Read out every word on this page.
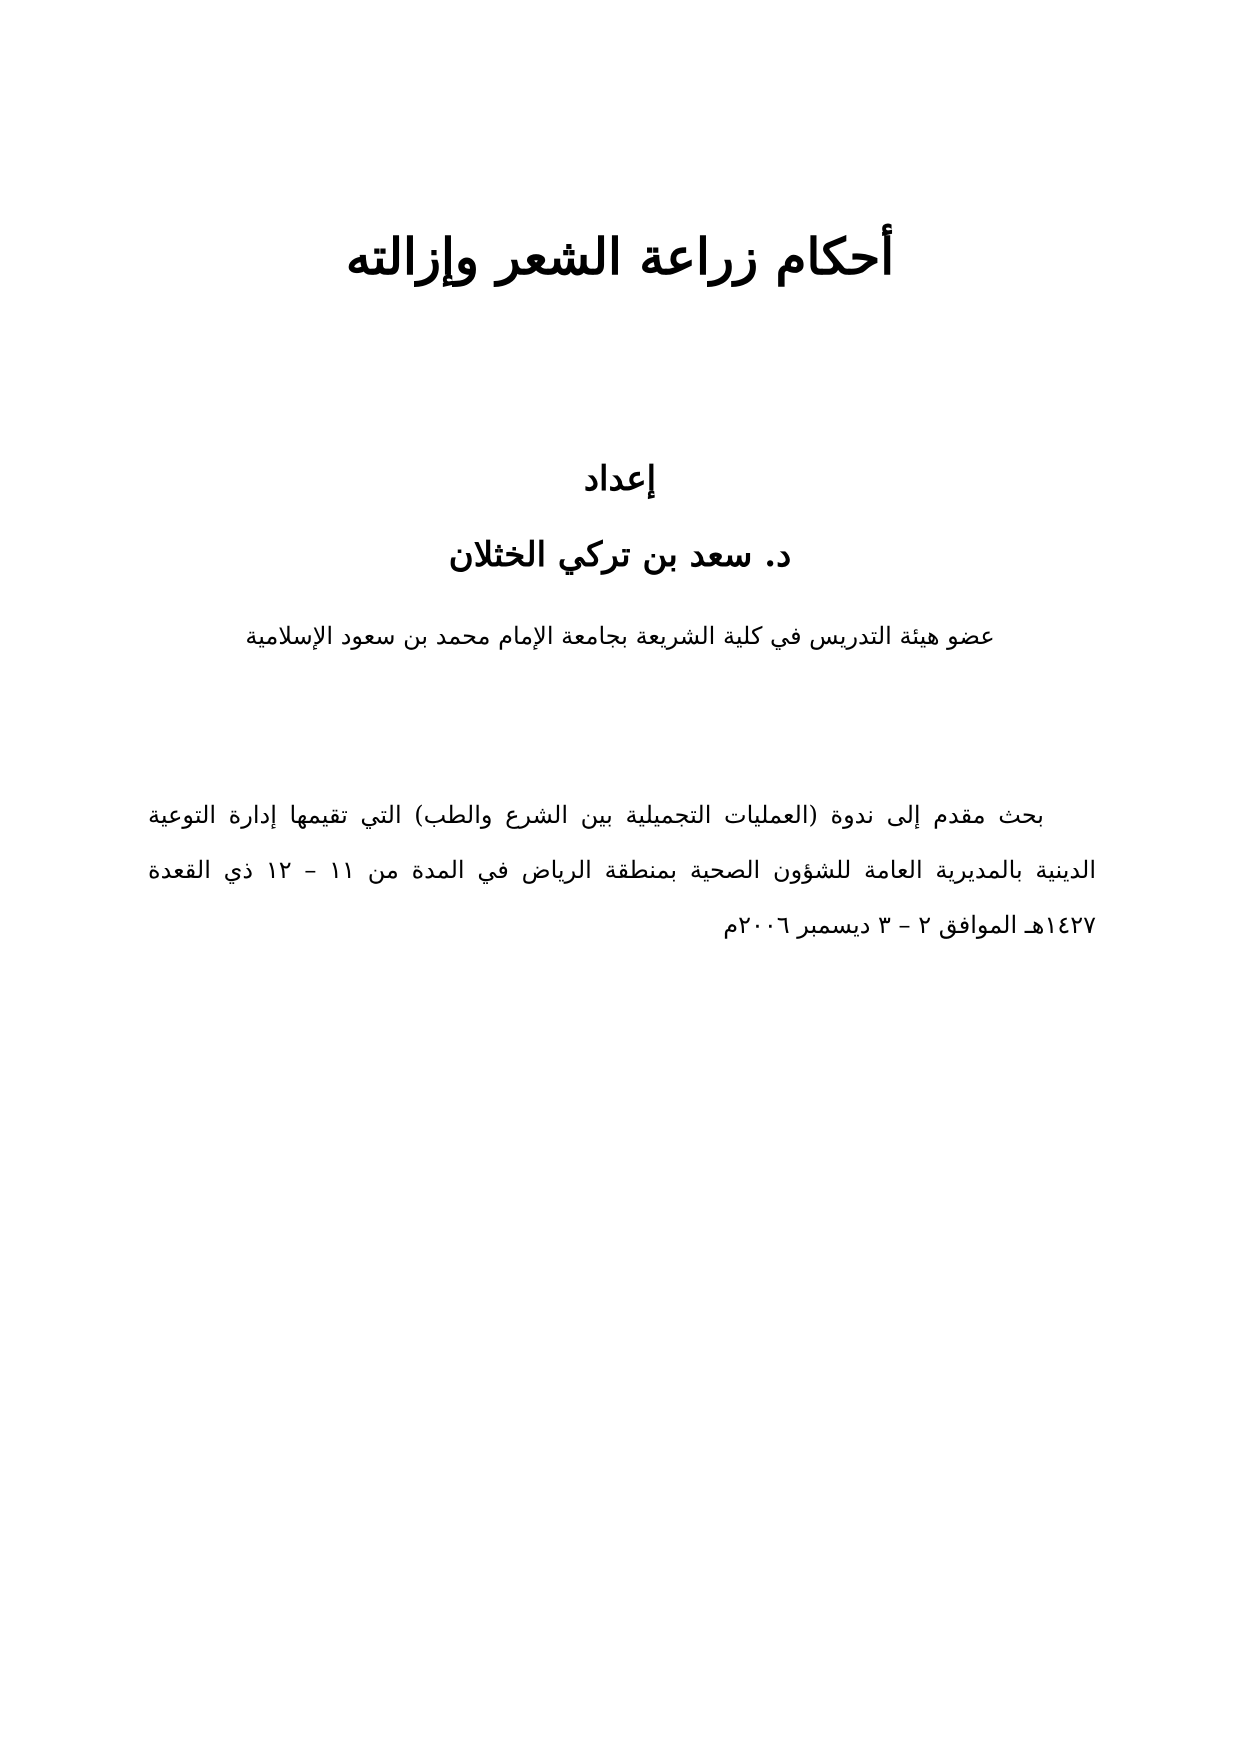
أحكام زراعة الشعر وإزالته
إعداد
د. سعد بن تركي الخثلان

عضو هيئة التدريس في كلية الشريعة بجامعة الإمام محمد بن سعود الإسلامية

بحث مقدم إلى ندوة (العمليات التجميلية بين الشرع والطب) التي تقيمها إدارة التوعية الدينية بالمديرية العامة للشؤون الصحية بمنطقة الرياض في المدة من ١١ – ١٢ ذي القعدة ١٤٢٧هـ الموافق ٢ – ٣ ديسمبر ٢٠٠٦م
